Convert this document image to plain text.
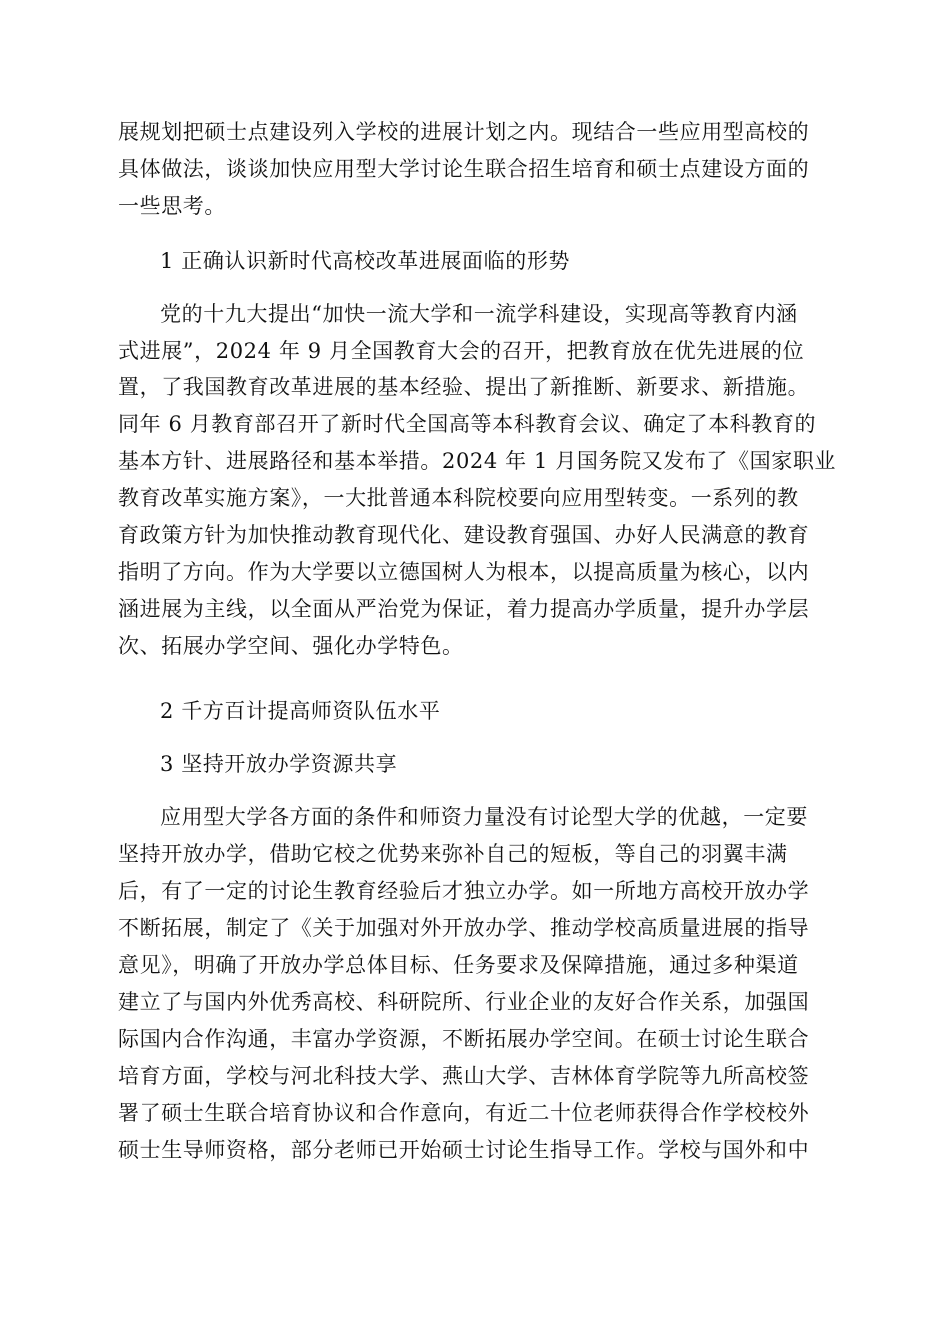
展规划把硕士点建设列入学校的进展计划之内。现结合一些应用型高校的
具体做法，谈谈加快应用型大学讨论生联合招生培育和硕士点建设方面的
一些思考。
1 正确认识新时代高校改革进展面临的形势
党的十九大提出“加快一流大学和一流学科建设，实现高等教育内涵
式进展”，2024 年 9 月全国教育大会的召开，把教育放在优先进展的位
置，了我国教育改革进展的基本经验、提出了新推断、新要求、新措施。
同年 6 月教育部召开了新时代全国高等本科教育会议、确定了本科教育的
基本方针、进展路径和基本举措。2024 年 1 月国务院又发布了《国家职业
教育改革实施方案》，一大批普通本科院校要向应用型转变。一系列的教
育政策方针为加快推动教育现代化、建设教育强国、办好人民满意的教育
指明了方向。作为大学要以立德国树人为根本，以提高质量为核心，以内
涵进展为主线，以全面从严治党为保证，着力提高办学质量，提升办学层
次、拓展办学空间、强化办学特色。
2 千方百计提高师资队伍水平
3 坚持开放办学资源共享
应用型大学各方面的条件和师资力量没有讨论型大学的优越，一定要
坚持开放办学，借助它校之优势来弥补自己的短板，等自己的羽翼丰满
后，有了一定的讨论生教育经验后才独立办学。如一所地方高校开放办学
不断拓展，制定了《关于加强对外开放办学、推动学校高质量进展的指导
意见》，明确了开放办学总体目标、任务要求及保障措施，通过多种渠道
建立了与国内外优秀高校、科研院所、行业企业的友好合作关系，加强国
际国内合作沟通，丰富办学资源，不断拓展办学空间。在硕士讨论生联合
培育方面，学校与河北科技大学、燕山大学、吉林体育学院等九所高校签
署了硕士生联合培育协议和合作意向，有近二十位老师获得合作学校校外
硕士生导师资格，部分老师已开始硕士讨论生指导工作。学校与国外和中
